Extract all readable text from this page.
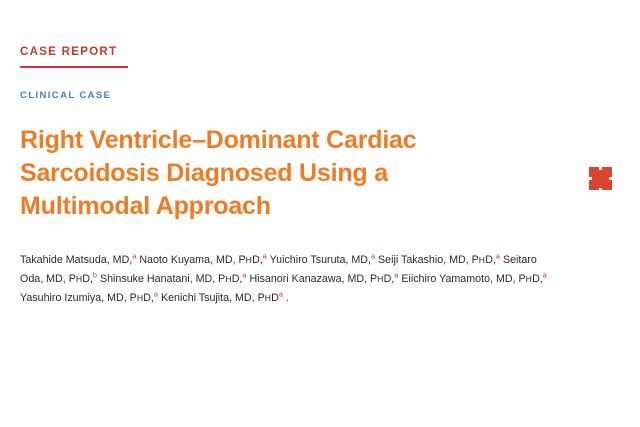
CASE REPORT
CLINICAL CASE
Right Ventricle–Dominant Cardiac Sarcoidosis Diagnosed Using a Multimodal Approach
Takahide Matsuda, MD,$^a$ Naoto Kuyama, MD, PHD,$^a$ Yuichiro Tsuruta, MD,$^a$ Seiji Takashio, MD, PHD,$^a$ Seitaro Oda, MD, PHD,$^b$ Shinsuke Hanatani, MD, PHD,$^a$ Hisanori Kanazawa, MD, PHD,$^a$ Eiichiro Yamamoto, MD, PHD,$^a$ Yasuhiro Izumiya, MD, PHD,$^a$ Kenichi Tsujita, MD, PHD$^a$ .
